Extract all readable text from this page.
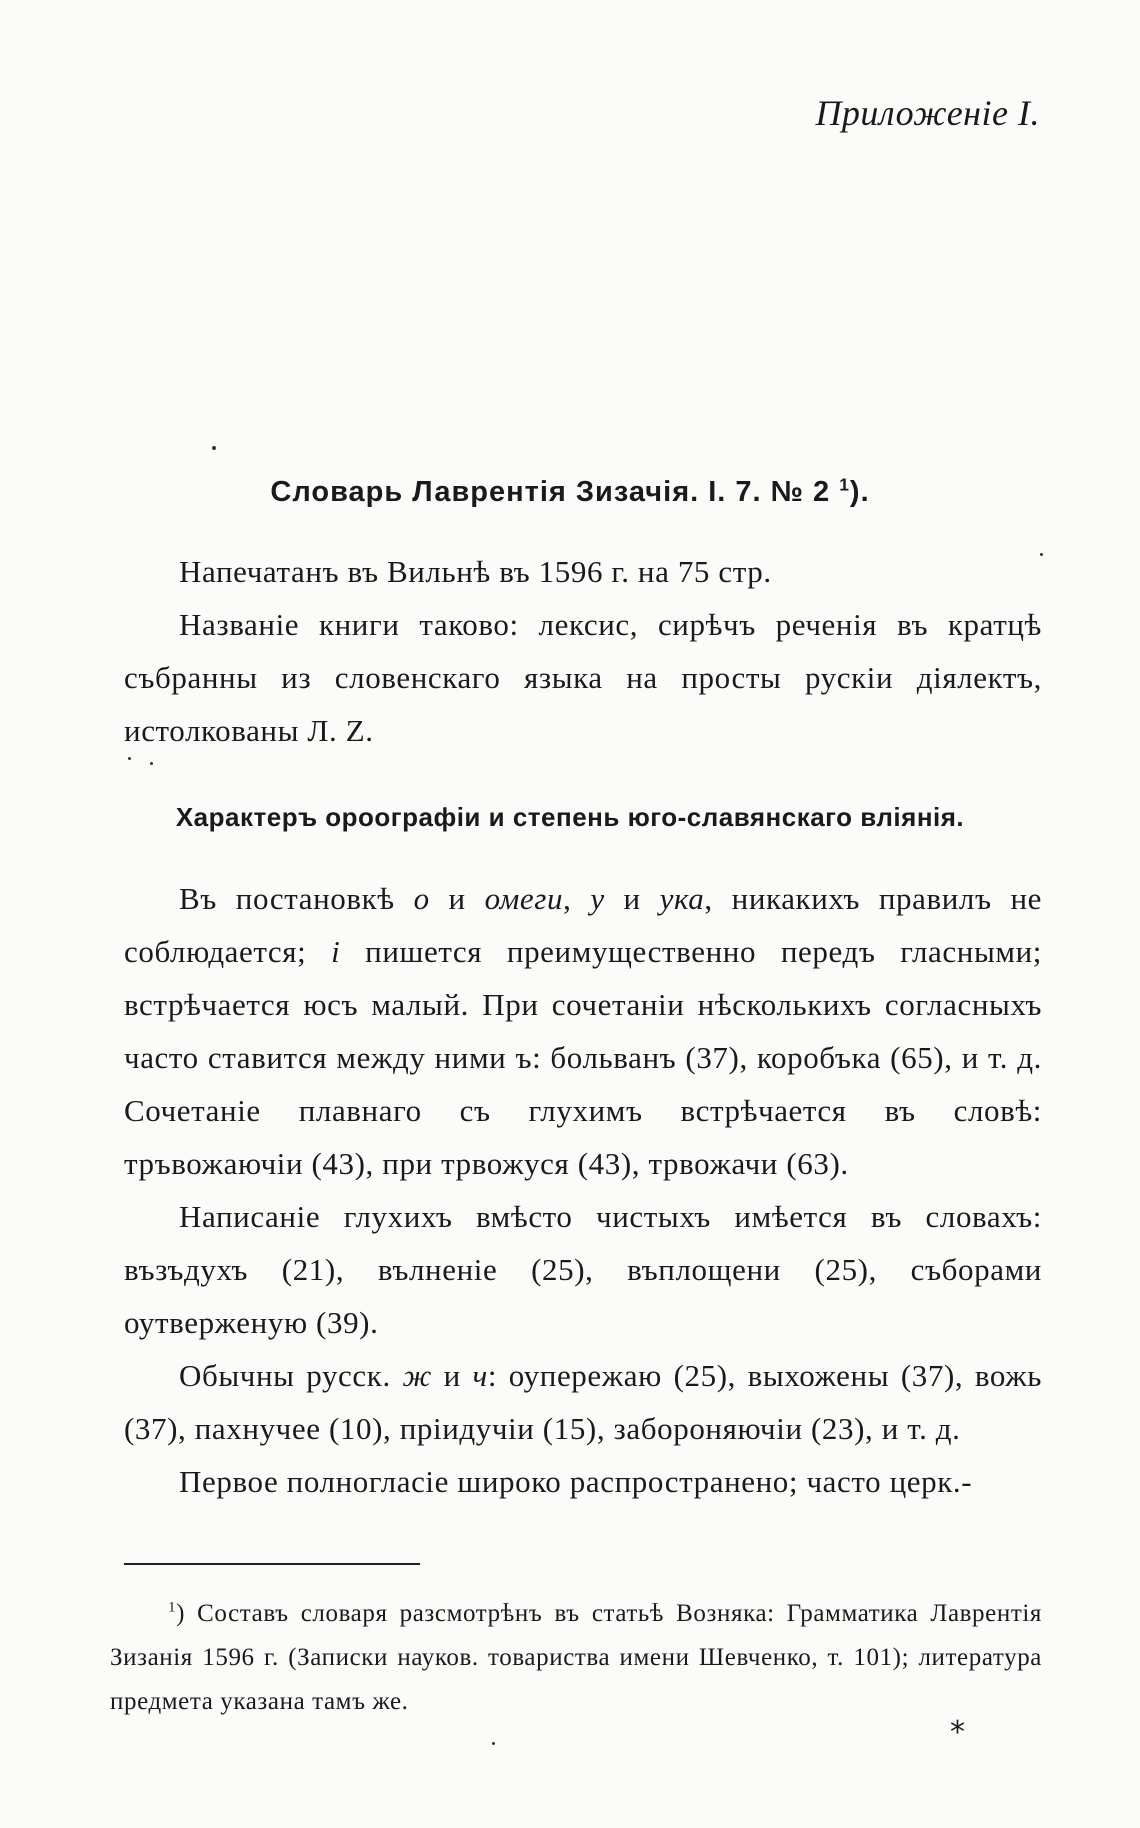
Приложеніе I.
Словарь Лаврентія Зизачія. I. 7. № 2 $^1$).

Напечатанъ въ Вильнѣ въ 1596 г. на 75 стр.

Названіе книги таково: лексис, сирѣчъ реченія въ кратцѣ събранны из словенскаго языка на просты рускіи діялектъ, истолкованы Л. Z.

Характеръ ороографіи и степень юго-славянскаго вліянія.

Въ постановкѣ о и омеги, у и ука, никакихъ правилъ не соблюдается; і пишется преимущественно передъ гласными; встрѣчается юсъ малый. При сочетаніи нѣсколькихъ согласныхъ часто ставится между ними ъ: больванъ (37), коробъка (65), и т. д. Сочетаніе плавнаго съ глухимъ встрѣчается въ словѣ: тръвожаючіи (43), при трвожуся (43), трвожачи (63).

Написаніе глухихъ вмѣсто чистыхъ имѣется въ словахъ: възъдухъ (21), вълненіе (25), въплощени (25), съборами оутверженую (39).

Обычны русск. ж и ч: оупережаю (25), выхожены (37), вожь (37), пахнучее (10), пріидучіи (15), забороняючіи (23), и т. д.

Первое полногласіе широко распространено; часто церк.-

$^1$) Составъ словаря разсмотрѣнъ въ статьѣ Возняка: Грамматика Лаврентія Зизанія 1596 г. (Записки науков. товариства имени Шевченко, т. 101); литература предмета указана тамъ же.

*
